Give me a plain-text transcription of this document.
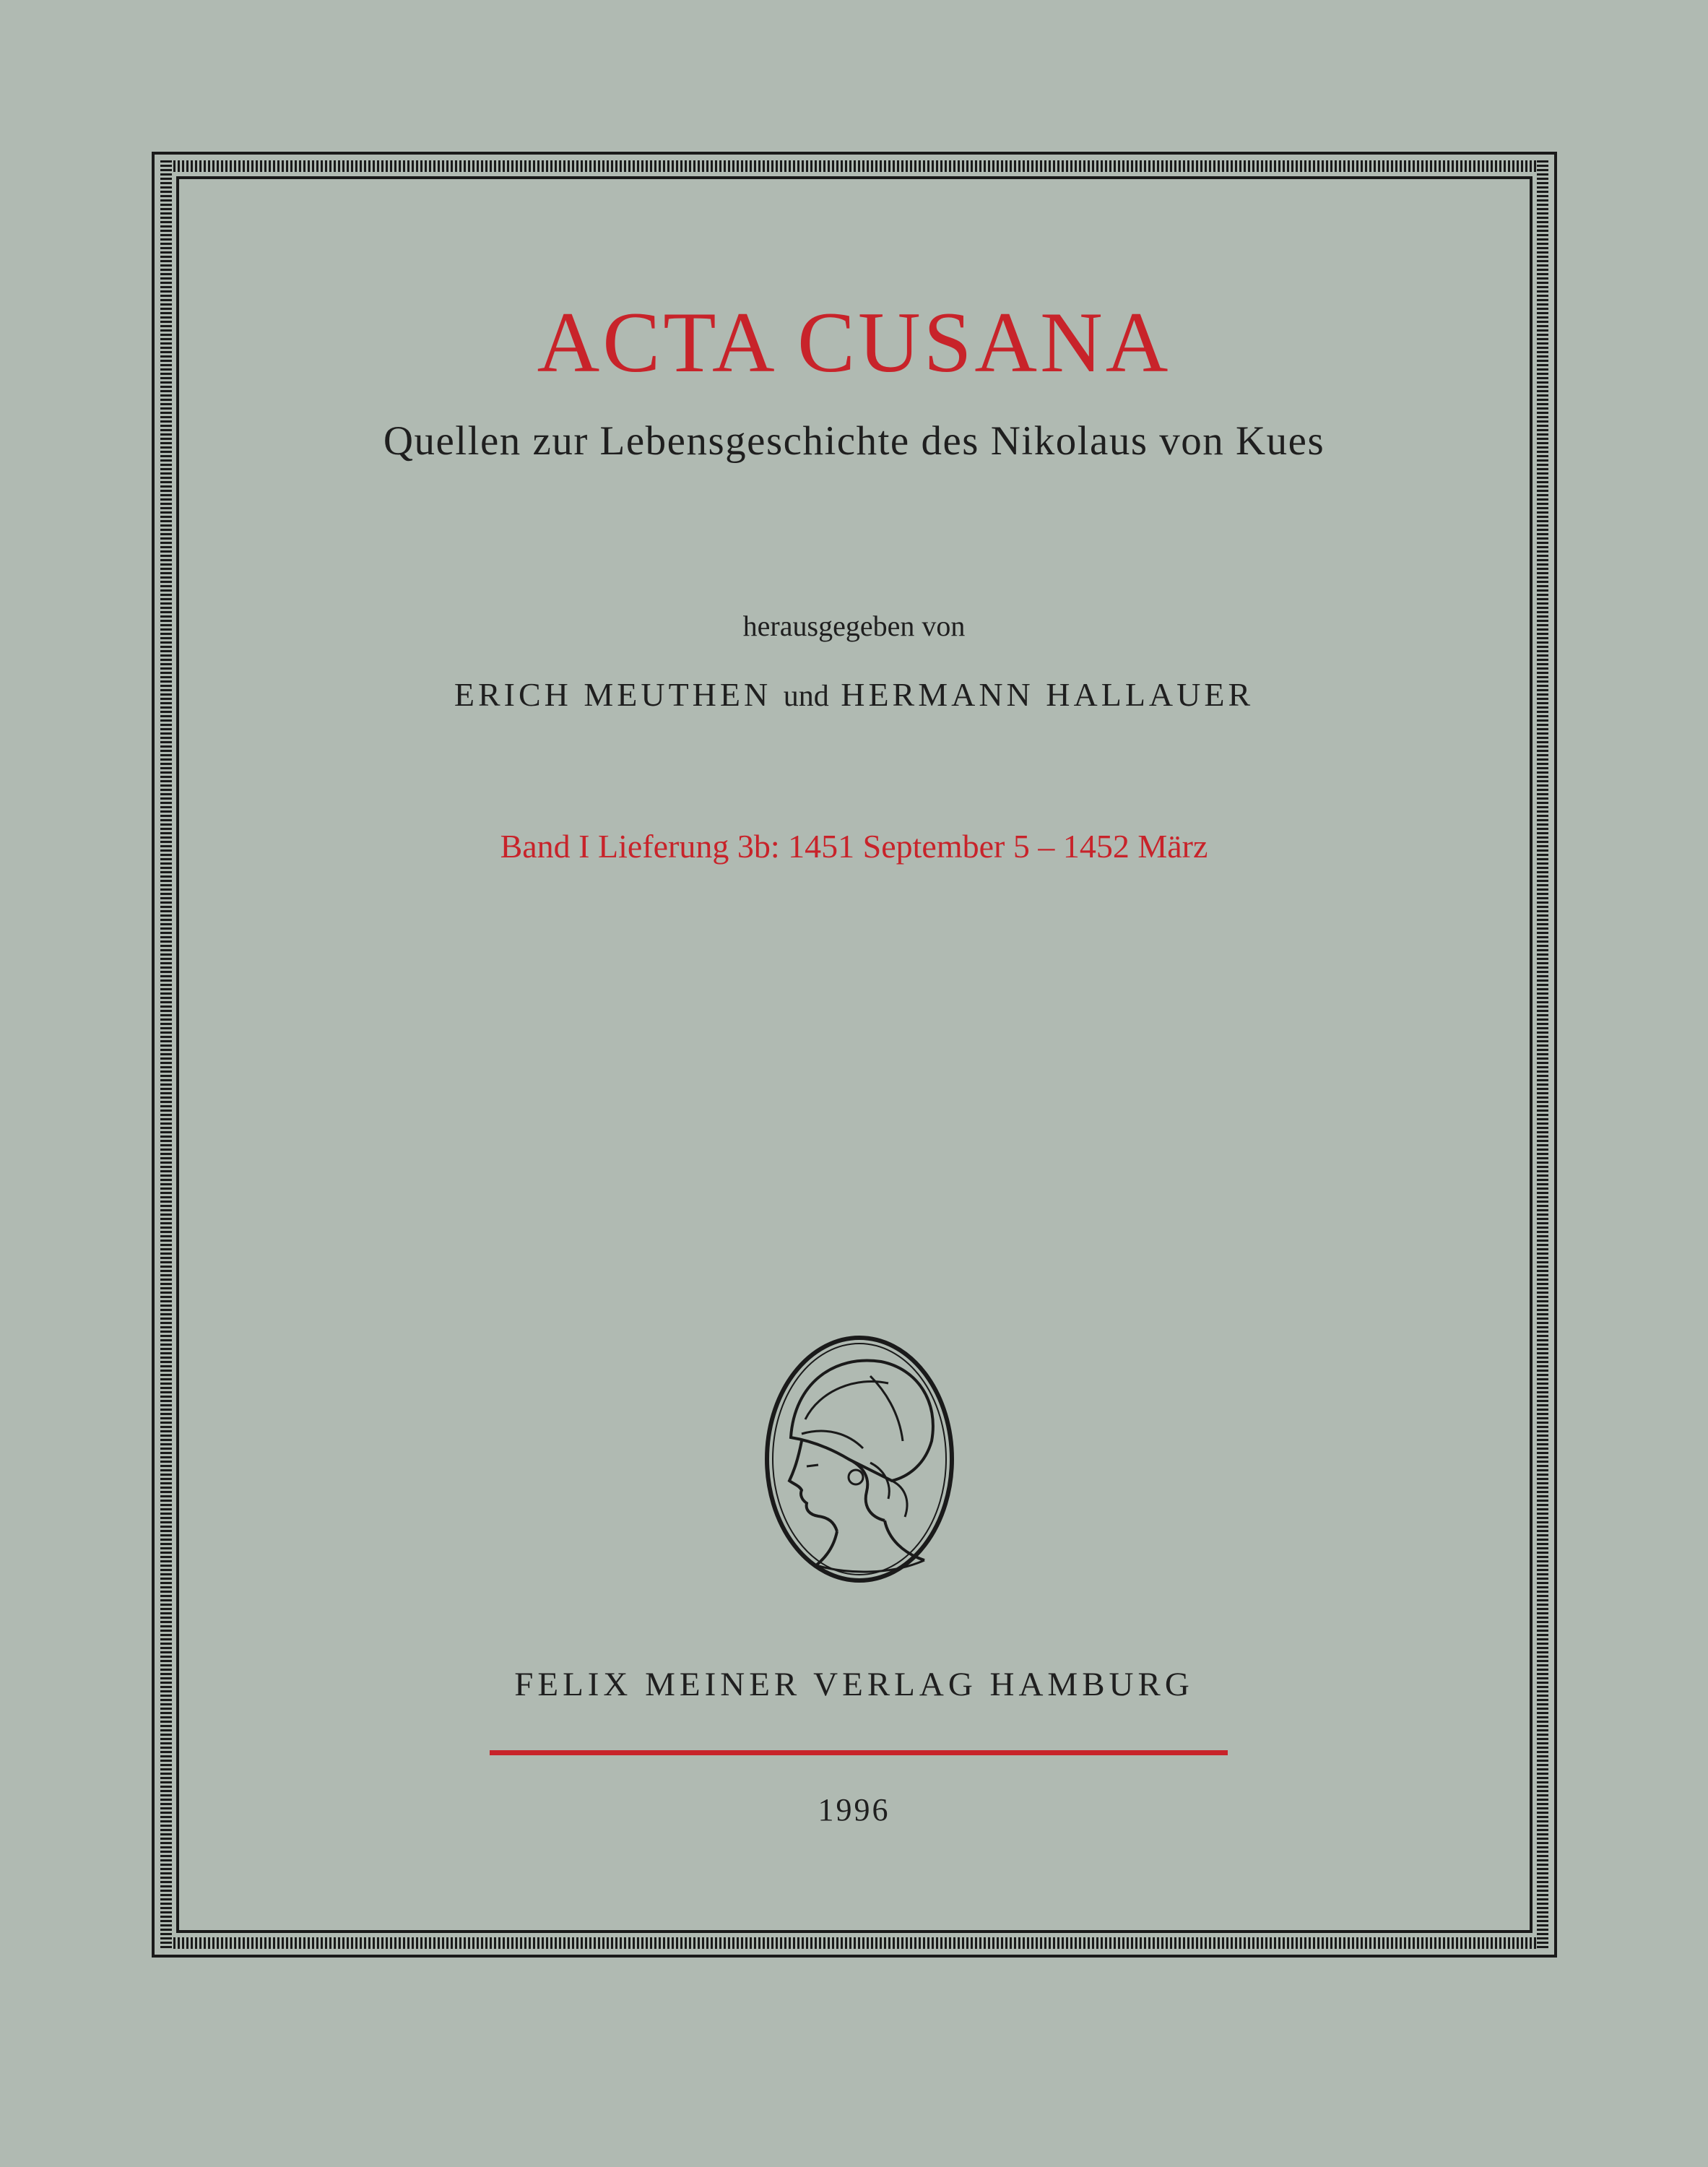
ACTA CUSANA
Quellen zur Lebensgeschichte des Nikolaus von Kues
herausgegeben von
ERICH MEUTHEN und HERMANN HALLAUER
Band I Lieferung 3b: 1451 September 5 – 1452 März
FELIX MEINER VERLAG HAMBURG
1996
